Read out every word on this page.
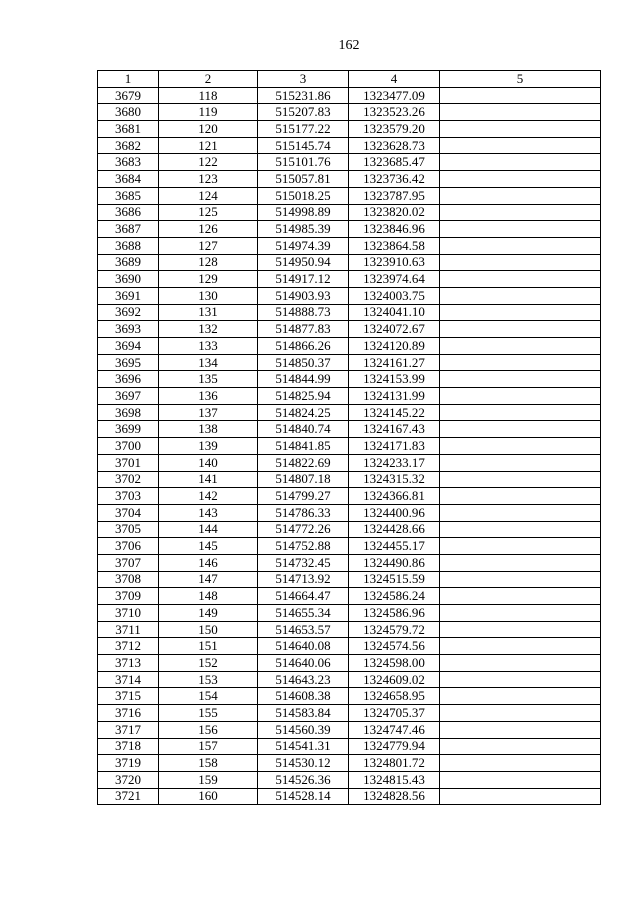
162
1	2	3	4	5
3679	118	515231.86	1323477.09	
3680	119	515207.83	1323523.26	
3681	120	515177.22	1323579.20	
3682	121	515145.74	1323628.73	
3683	122	515101.76	1323685.47	
3684	123	515057.81	1323736.42	
3685	124	515018.25	1323787.95	
3686	125	514998.89	1323820.02	
3687	126	514985.39	1323846.96	
3688	127	514974.39	1323864.58	
3689	128	514950.94	1323910.63	
3690	129	514917.12	1323974.64	
3691	130	514903.93	1324003.75	
3692	131	514888.73	1324041.10	
3693	132	514877.83	1324072.67	
3694	133	514866.26	1324120.89	
3695	134	514850.37	1324161.27	
3696	135	514844.99	1324153.99	
3697	136	514825.94	1324131.99	
3698	137	514824.25	1324145.22	
3699	138	514840.74	1324167.43	
3700	139	514841.85	1324171.83	
3701	140	514822.69	1324233.17	
3702	141	514807.18	1324315.32	
3703	142	514799.27	1324366.81	
3704	143	514786.33	1324400.96	
3705	144	514772.26	1324428.66	
3706	145	514752.88	1324455.17	
3707	146	514732.45	1324490.86	
3708	147	514713.92	1324515.59	
3709	148	514664.47	1324586.24	
3710	149	514655.34	1324586.96	
3711	150	514653.57	1324579.72	
3712	151	514640.08	1324574.56	
3713	152	514640.06	1324598.00	
3714	153	514643.23	1324609.02	
3715	154	514608.38	1324658.95	
3716	155	514583.84	1324705.37	
3717	156	514560.39	1324747.46	
3718	157	514541.31	1324779.94	
3719	158	514530.12	1324801.72	
3720	159	514526.36	1324815.43	
3721	160	514528.14	1324828.56	
